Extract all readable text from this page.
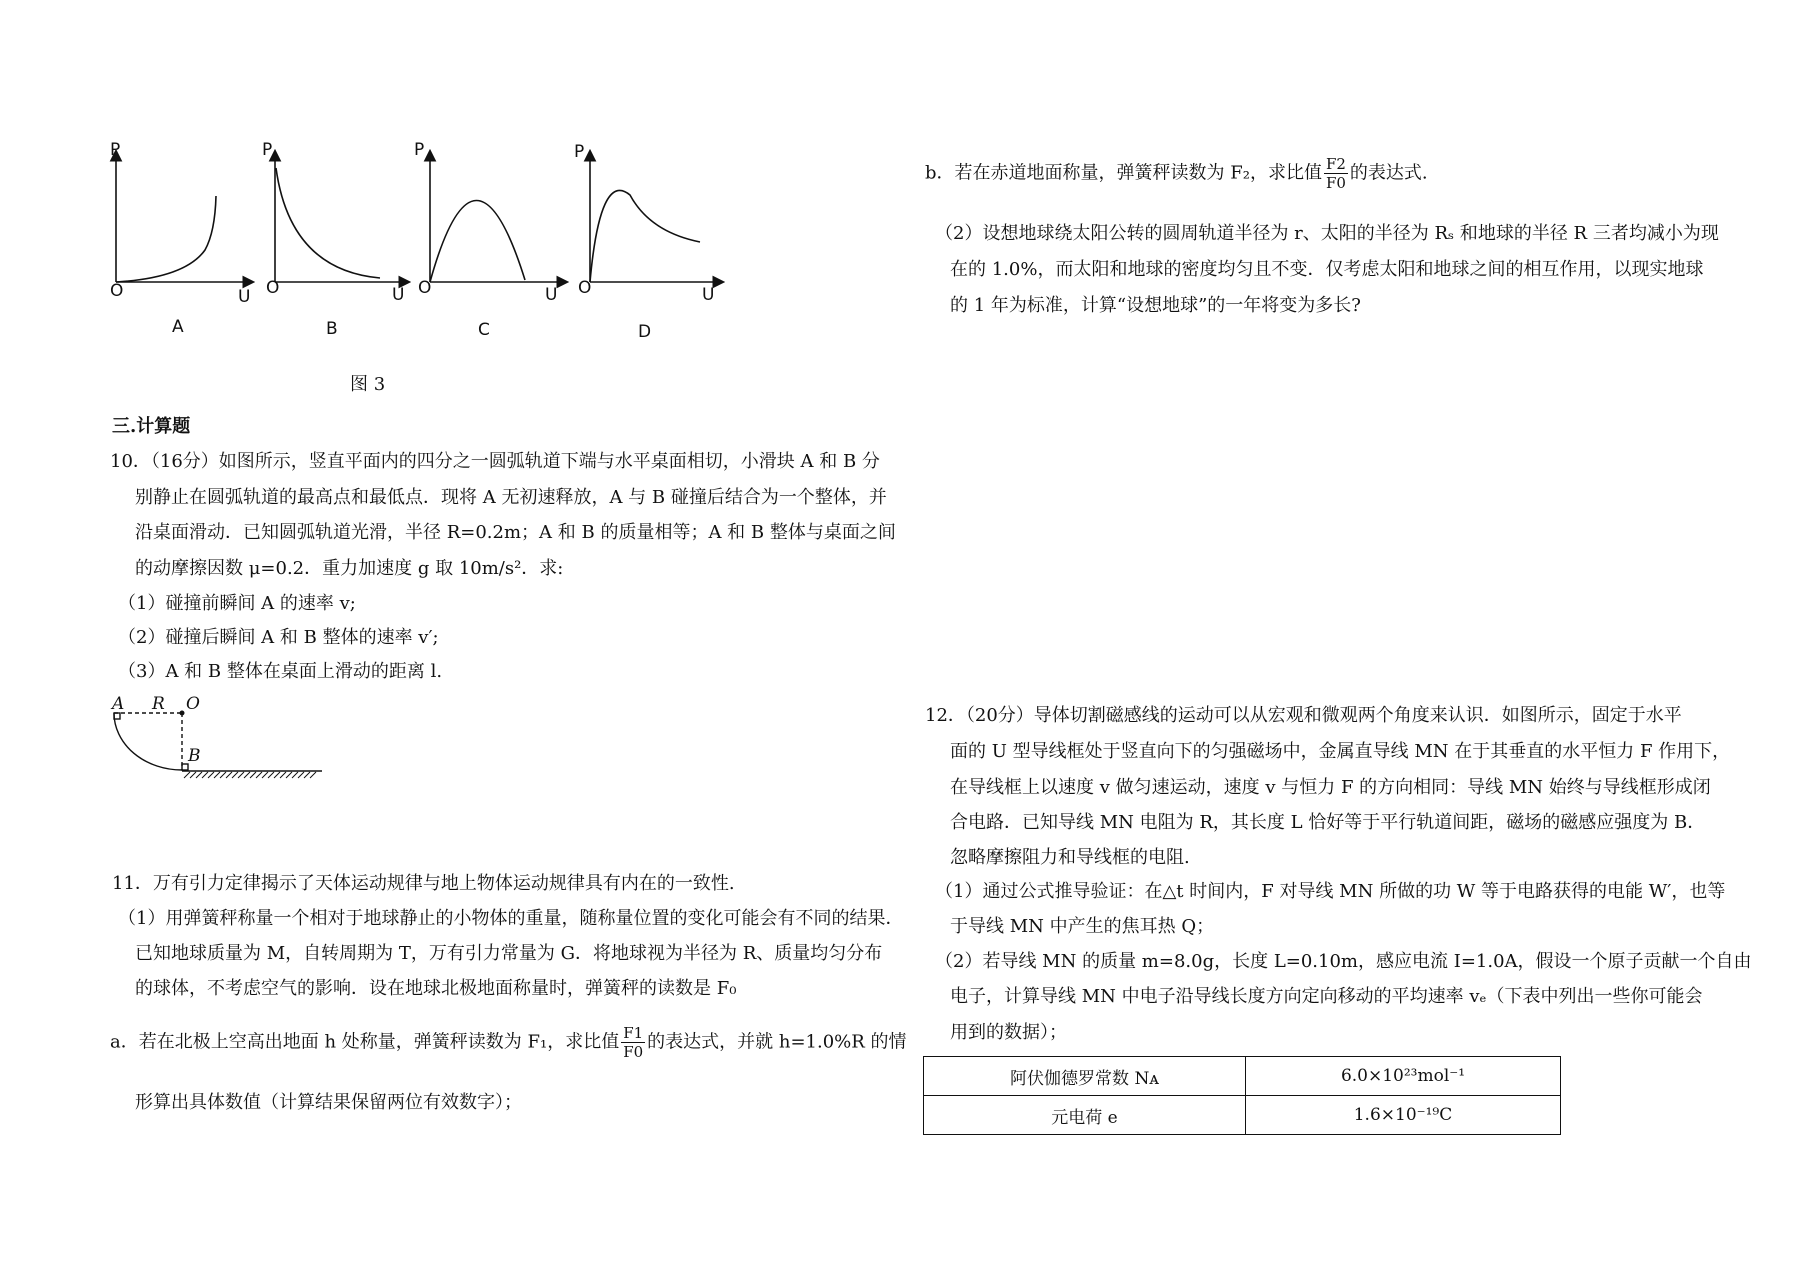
P
O	U
A
P
O	U
B
P
O	U
C
P
O	U
D
图 3
三.计算题
10．（16分）如图所示，竖直平面内的四分之一圆弧轨道下端与水平桌面相切，小滑块 A 和 B 分
别静止在圆弧轨道的最高点和最低点．现将 A 无初速释放，A 与 B 碰撞后结合为一个整体，并
沿桌面滑动．已知圆弧轨道光滑，半径 R=0.2m；A 和 B 的质量相等；A 和 B 整体与桌面之间
的动摩擦因数 μ=0.2．重力加速度 g 取 10m/s²．求:
（1）碰撞前瞬间 A 的速率 v;
（2）碰撞后瞬间 A 和 B 整体的速率 v′;
（3）A 和 B 整体在桌面上滑动的距离 l.
A R O
B
11．万有引力定律揭示了天体运动规律与地上物体运动规律具有内在的一致性.
（1）用弹簧秤称量一个相对于地球静止的小物体的重量，随称量位置的变化可能会有不同的结果．
已知地球质量为 M，自转周期为 T，万有引力常量为 G．将地球视为半径为 R、质量均匀分布
的球体，不考虑空气的影响．设在地球北极地面称量时，弹簧秤的读数是 F₀
a．若在北极上空高出地面 h 处称量，弹簧秤读数为 F₁，求比值 $\frac{F1}{F0}$ 的表达式，并就 h=1.0%R 的情
形算出具体数值（计算结果保留两位有效数字）；
b．若在赤道地面称量，弹簧秤读数为 F₂，求比值 $\frac{F2}{F0}$ 的表达式.
（2）设想地球绕太阳公转的圆周轨道半径为 r、太阳的半径为 Rₛ 和地球的半径 R 三者均减小为现
在的 1.0%，而太阳和地球的密度均匀且不变．仅考虑太阳和地球之间的相互作用，以现实地球
的 1 年为标准，计算“设想地球”的一年将变为多长?
12．（20分）导体切割磁感线的运动可以从宏观和微观两个角度来认识．如图所示，固定于水平
面的 U 型导线框处于竖直向下的匀强磁场中，金属直导线 MN 在于其垂直的水平恒力 F 作用下，
在导线框上以速度 v 做匀速运动，速度 v 与恒力 F 的方向相同：导线 MN 始终与导线框形成闭
合电路．已知导线 MN 电阻为 R，其长度 L 恰好等于平行轨道间距，磁场的磁感应强度为 B．
忽略摩擦阻力和导线框的电阻.
（1）通过公式推导验证：在△t 时间内，F 对导线 MN 所做的功 W 等于电路获得的电能 W′，也等
于导线 MN 中产生的焦耳热 Q；
（2）若导线 MN 的质量 m=8.0g，长度 L=0.10m，感应电流 I=1.0A，假设一个原子贡献一个自由
电子，计算导线 MN 中电子沿导线长度方向定向移动的平均速率 vₑ（下表中列出一些你可能会
用到的数据）；
阿伏伽德罗常数 Nᴀ	6.0×10²³mol⁻¹
元电荷 e	1.6×10⁻¹⁹C
